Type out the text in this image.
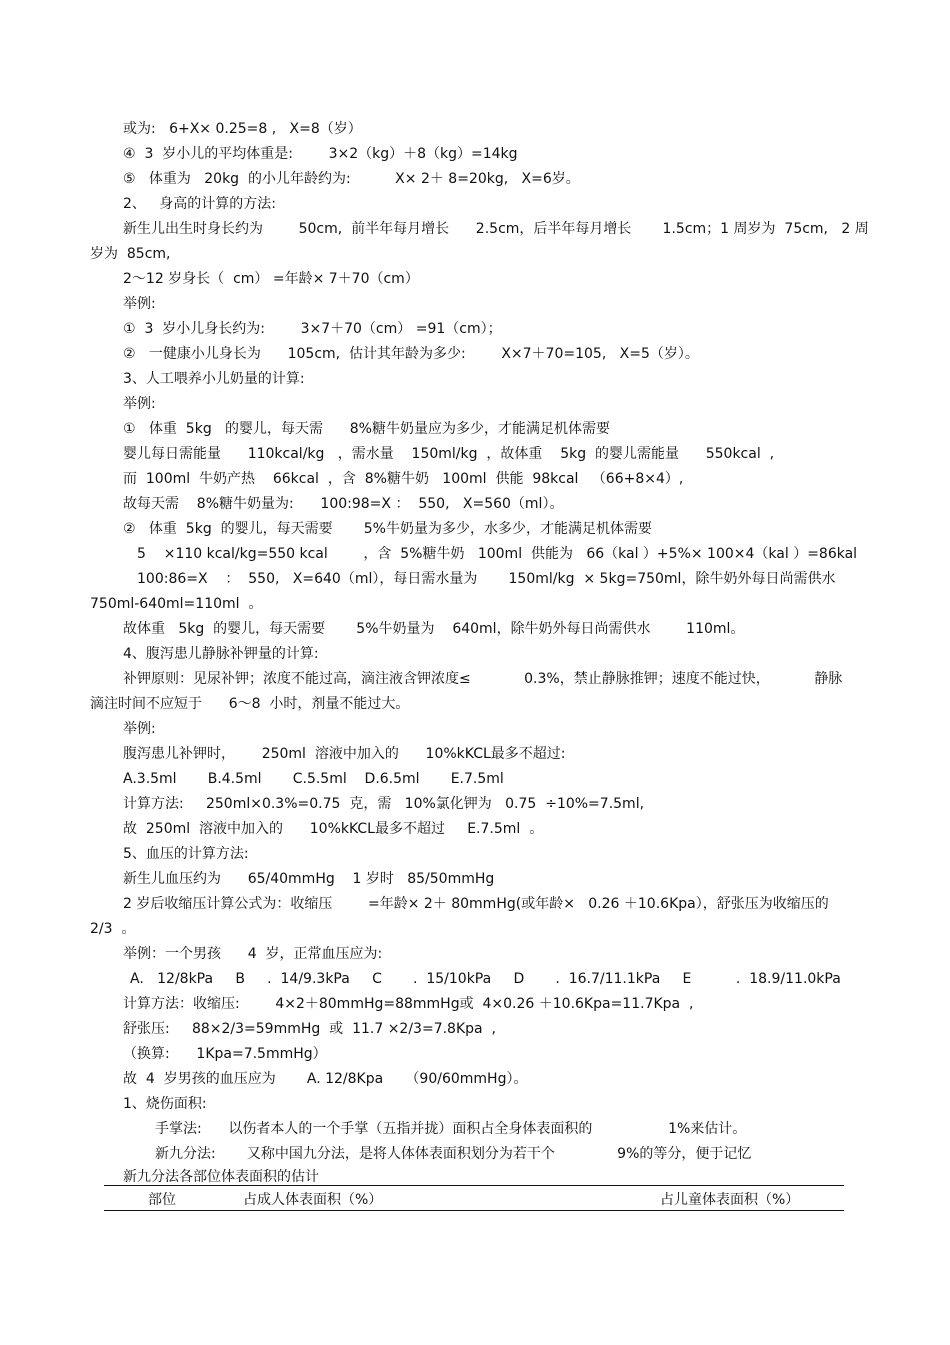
或为:   6+X× 0.25=8 ,   X=8（岁）
④  3  岁小儿的平均体重是:        3×2（kg）＋8（kg）=14kg
⑤   体重为   20kg  的小儿年龄约为:          X× 2＋ 8=20kg,   X=6岁。
2、   身高的计算的方法:
新生儿出生时身长约为        50cm,  前半年每月增长      2.5cm，后半年每月增长       1.5cm；1 周岁为  75cm,   2 周
岁为  85cm,
2～12 岁身长（  cm） =年龄× 7＋70（cm）
举例:
①  3  岁小儿身长约为:        3×7＋70（cm） =91（cm）；
②   一健康小儿身长为      105cm,  估计其年龄为多少:        X×7＋70=105,   X=5（岁）。
3、人工喂养小儿奶量的计算:
举例:
①   体重  5kg   的婴儿，每天需      8%糖牛奶量应为多少，才能满足机体需要
婴儿每日需能量      110kcal/kg   ，需水量    150ml/kg  ，故体重    5kg  的婴儿需能量      550kcal  ,
而  100ml  牛奶产热    66kcal  ，含  8%糖牛奶   100ml  供能  98kcal   （66+8×4）,
故每天需    8%糖牛奶量为:      100:98=X ：  550,   X=560（ml）。
②   体重  5kg  的婴儿，每天需要       5%牛奶量为多少，水多少，才能满足机体需要
5    ×110 kcal/kg=550 kcal        ，含  5%糖牛奶   100ml  供能为   66（kal ）+5%× 100×4（kal ）=86kal
100:86=X    ：  550,   X=640（ml），每日需水量为       150ml/kg  × 5kg=750ml，除牛奶外每日尚需供水
750ml-640ml=110ml  。
故体重   5kg  的婴儿，每天需要       5%牛奶量为    640ml，除牛奶外每日尚需供水        110ml。
4、腹泻患儿静脉补钾量的计算:
补钾原则：见尿补钾；浓度不能过高，滴注液含钾浓度≤            0.3%，禁止静脉推钾；速度不能过快，          静脉
滴注时间不应短于      6～8  小时，剂量不能过大。
举例:
腹泻患儿补钾时，      250ml  溶液中加入的      10%kKCL最多不超过:
A.3.5ml       B.4.5ml       C.5.5ml    D.6.5ml       E.7.5ml
计算方法:     250ml×0.3%=0.75  克，需   10%氯化钾为   0.75  ÷10%=7.5ml,
故  250ml  溶液中加入的      10%kKCL最多不超过     E.7.5ml  。
5、血压的计算方法:
新生儿血压约为      65/40mmHg    1 岁时   85/50mmHg
2 岁后收缩压计算公式为：收缩压        =年龄× 2＋ 80mmHg(或年龄×   0.26 ＋10.6Kpa），舒张压为收缩压的
2/3  。
举例：一个男孩      4  岁，正常血压应为:
A.   12/8kPa     B     .  14/9.3kPa     C       .  15/10kPa     D       .  16.7/11.1kPa     E          .  18.9/11.0kPa
计算方法：收缩压:        4×2＋80mmHg=88mmHg或  4×0.26 ＋10.6Kpa=11.7Kpa  ,
舒张压:     88×2/3=59mmHg  或  11.7 ×2/3=7.8Kpa  ,
（换算:      1Kpa=7.5mmHg）
故  4  岁男孩的血压应为       A. 12/8Kpa     （90/60mmHg）。
1、烧伤面积:
手掌法:      以伤者本人的一个手掌（五指并拢）面积占全身体表面积的                 1%来估计。
新九分法:       又称中国九分法，是将人体体表面积划分为若干个              9%的等分，便于记忆
新九分法各部位体表面积的估计
部位	占成人体表面积（%）	占儿童体表面积（%）
